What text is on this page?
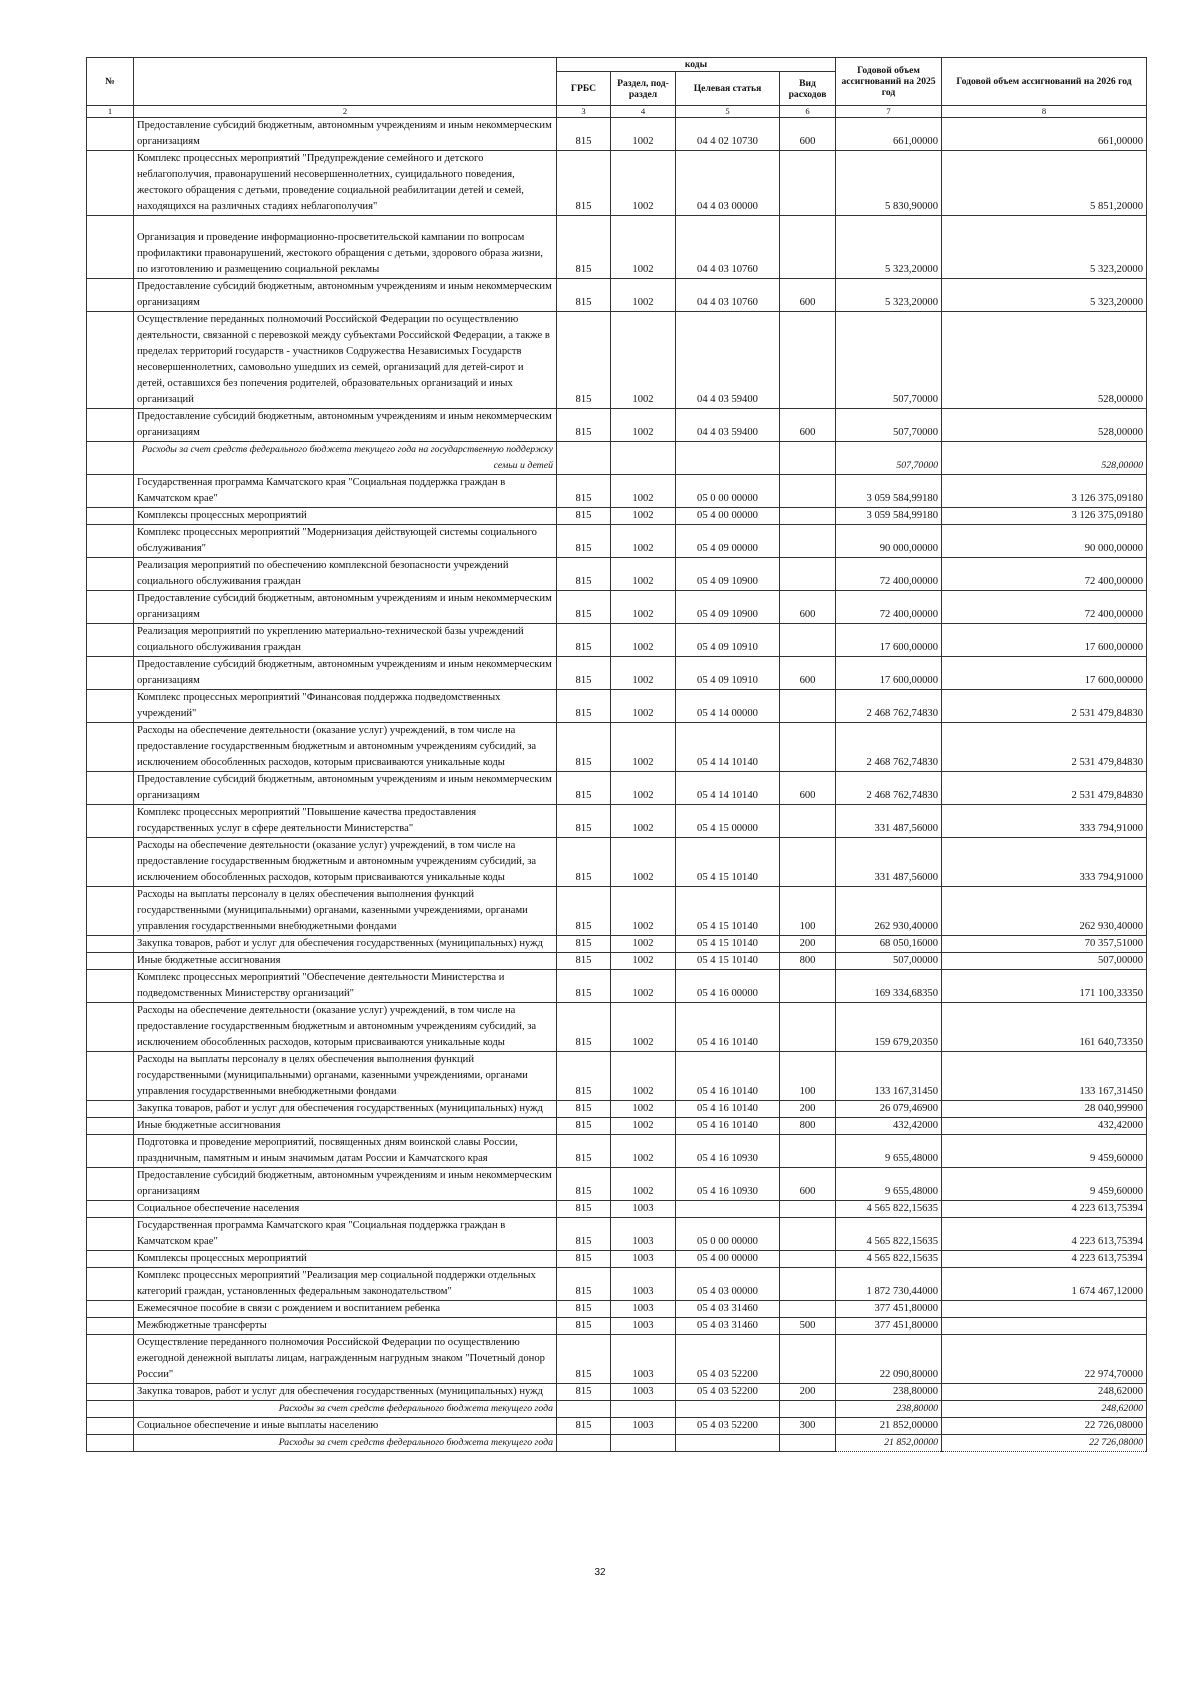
№		коды				Годовой объем ассигнований на 2025 год	Годовой объем ассигнований на 2026 год
		ГРБС	Раздел, под-раздел	Целевая статья	Вид расходов		
1	2	3	4	5	6	7	8
	Предоставление субсидий бюджетным, автономным учреждениям и иным некоммерческим организациям	815	1002	04 4 02 10730	600	661,00000	661,00000
	Комплекс процессных мероприятий "Предупреждение семейного и детского неблагополучия, правонарушений несовершеннолетних, суицидального поведения, жестокого обращения с детьми, проведение социальной реабилитации детей и семей, находящихся на различных стадиях неблагополучия"	815	1002	04 4 03 00000		5 830,90000	5 851,20000
	Организация и проведение информационно-просветительской кампании по вопросам профилактики правонарушений, жестокого обращения с детьми, здорового образа жизни, по изготовлению и размещению социальной рекламы	815	1002	04 4 03 10760		5 323,20000	5 323,20000
	Предоставление субсидий бюджетным, автономным учреждениям и иным некоммерческим организациям	815	1002	04 4 03 10760	600	5 323,20000	5 323,20000
	Осуществление переданных полномочий Российской Федерации по осуществлению деятельности, связанной с перевозкой между субъектами Российской Федерации, а также в пределах территорий государств - участников Содружества Независимых Государств несовершеннолетних, самовольно ушедших из семей, организаций для детей-сирот и детей, оставшихся без попечения родителей, образовательных организаций и иных организаций	815	1002	04 4 03 59400		507,70000	528,00000
	Предоставление субсидий бюджетным, автономным учреждениям и иным некоммерческим организациям	815	1002	04 4 03 59400	600	507,70000	528,00000
	Расходы за счет средств федерального бюджета текущего года на государственную поддержку семьи и детей					507,70000	528,00000
	Государственная программа Камчатского края "Социальная поддержка граждан в Камчатском крае"	815	1002	05 0 00 00000		3 059 584,99180	3 126 375,09180
	Комплексы процессных мероприятий	815	1002	05 4 00 00000		3 059 584,99180	3 126 375,09180
	Комплекс процессных мероприятий "Модернизация действующей системы социального обслуживания"	815	1002	05 4 09 00000		90 000,00000	90 000,00000
	Реализация мероприятий по обеспечению комплексной безопасности учреждений социального обслуживания граждан	815	1002	05 4 09 10900		72 400,00000	72 400,00000
	Предоставление субсидий бюджетным, автономным учреждениям и иным некоммерческим организациям	815	1002	05 4 09 10900	600	72 400,00000	72 400,00000
	Реализация мероприятий по укреплению материально-технической базы учреждений социального обслуживания граждан	815	1002	05 4 09 10910		17 600,00000	17 600,00000
	Предоставление субсидий бюджетным, автономным учреждениям и иным некоммерческим организациям	815	1002	05 4 09 10910	600	17 600,00000	17 600,00000
	Комплекс процессных мероприятий "Финансовая поддержка подведомственных учреждений"	815	1002	05 4 14 00000		2 468 762,74830	2 531 479,84830
	Расходы на обеспечение деятельности (оказание услуг) учреждений, в том числе на предоставление государственным бюджетным и автономным учреждениям субсидий, за исключением обособленных расходов, которым присваиваются уникальные коды	815	1002	05 4 14 10140		2 468 762,74830	2 531 479,84830
	Предоставление субсидий бюджетным, автономным учреждениям и иным некоммерческим организациям	815	1002	05 4 14 10140	600	2 468 762,74830	2 531 479,84830
	Комплекс процессных мероприятий "Повышение качества предоставления государственных услуг в сфере деятельности Министерства"	815	1002	05 4 15 00000		331 487,56000	333 794,91000
	Расходы на обеспечение деятельности (оказание услуг) учреждений, в том числе на предоставление государственным бюджетным и автономным учреждениям субсидий, за исключением обособленных расходов, которым присваиваются уникальные коды	815	1002	05 4 15 10140		331 487,56000	333 794,91000
	Расходы на выплаты персоналу в целях обеспечения выполнения функций государственными (муниципальными) органами, казенными учреждениями, органами управления государственными внебюджетными фондами	815	1002	05 4 15 10140	100	262 930,40000	262 930,40000
	Закупка товаров, работ и услуг для обеспечения государственных (муниципальных) нужд	815	1002	05 4 15 10140	200	68 050,16000	70 357,51000
	Иные бюджетные ассигнования	815	1002	05 4 15 10140	800	507,00000	507,00000
	Комплекс процессных мероприятий "Обеспечение деятельности Министерства и подведомственных Министерству организаций"	815	1002	05 4 16 00000		169 334,68350	171 100,33350
	Расходы на обеспечение деятельности (оказание услуг) учреждений, в том числе на предоставление государственным бюджетным и автономным учреждениям субсидий, за исключением обособленных расходов, которым присваиваются уникальные коды	815	1002	05 4 16 10140		159 679,20350	161 640,73350
	Расходы на выплаты персоналу в целях обеспечения выполнения функций государственными (муниципальными) органами, казенными учреждениями, органами управления государственными внебюджетными фондами	815	1002	05 4 16 10140	100	133 167,31450	133 167,31450
	Закупка товаров, работ и услуг для обеспечения государственных (муниципальных) нужд	815	1002	05 4 16 10140	200	26 079,46900	28 040,99900
	Иные бюджетные ассигнования	815	1002	05 4 16 10140	800	432,42000	432,42000
	Подготовка и проведение мероприятий, посвященных дням воинской славы России, праздничным, памятным и иным значимым датам России и Камчатского края	815	1002	05 4 16 10930		9 655,48000	9 459,60000
	Предоставление субсидий бюджетным, автономным учреждениям и иным некоммерческим организациям	815	1002	05 4 16 10930	600	9 655,48000	9 459,60000
	Социальное обеспечение населения	815	1003			4 565 822,15635	4 223 613,75394
	Государственная программа Камчатского края "Социальная поддержка граждан в Камчатском крае"	815	1003	05 0 00 00000		4 565 822,15635	4 223 613,75394
	Комплексы процессных мероприятий	815	1003	05 4 00 00000		4 565 822,15635	4 223 613,75394
	Комплекс процессных мероприятий "Реализация мер социальной поддержки отдельных категорий граждан, установленных федеральным законодательством"	815	1003	05 4 03 00000		1 872 730,44000	1 674 467,12000
	Ежемесячное пособие в связи с рождением и воспитанием ребенка	815	1003	05 4 03 31460		377 451,80000	
	Межбюджетные трансферты	815	1003	05 4 03 31460	500	377 451,80000	
	Осуществление переданного полномочия Российской Федерации по осуществлению ежегодной денежной выплаты лицам, награжденным нагрудным знаком "Почетный донор России"	815	1003	05 4 03 52200		22 090,80000	22 974,70000
	Закупка товаров, работ и услуг для обеспечения государственных (муниципальных) нужд	815	1003	05 4 03 52200	200	238,80000	248,62000
	Расходы за счет средств федерального бюджета текущего года					238,80000	248,62000
	Социальное обеспечение и иные выплаты населению	815	1003	05 4 03 52200	300	21 852,00000	22 726,08000
	Расходы за счет средств федерального бюджета текущего года					21 852,00000	22 726,08000
32
